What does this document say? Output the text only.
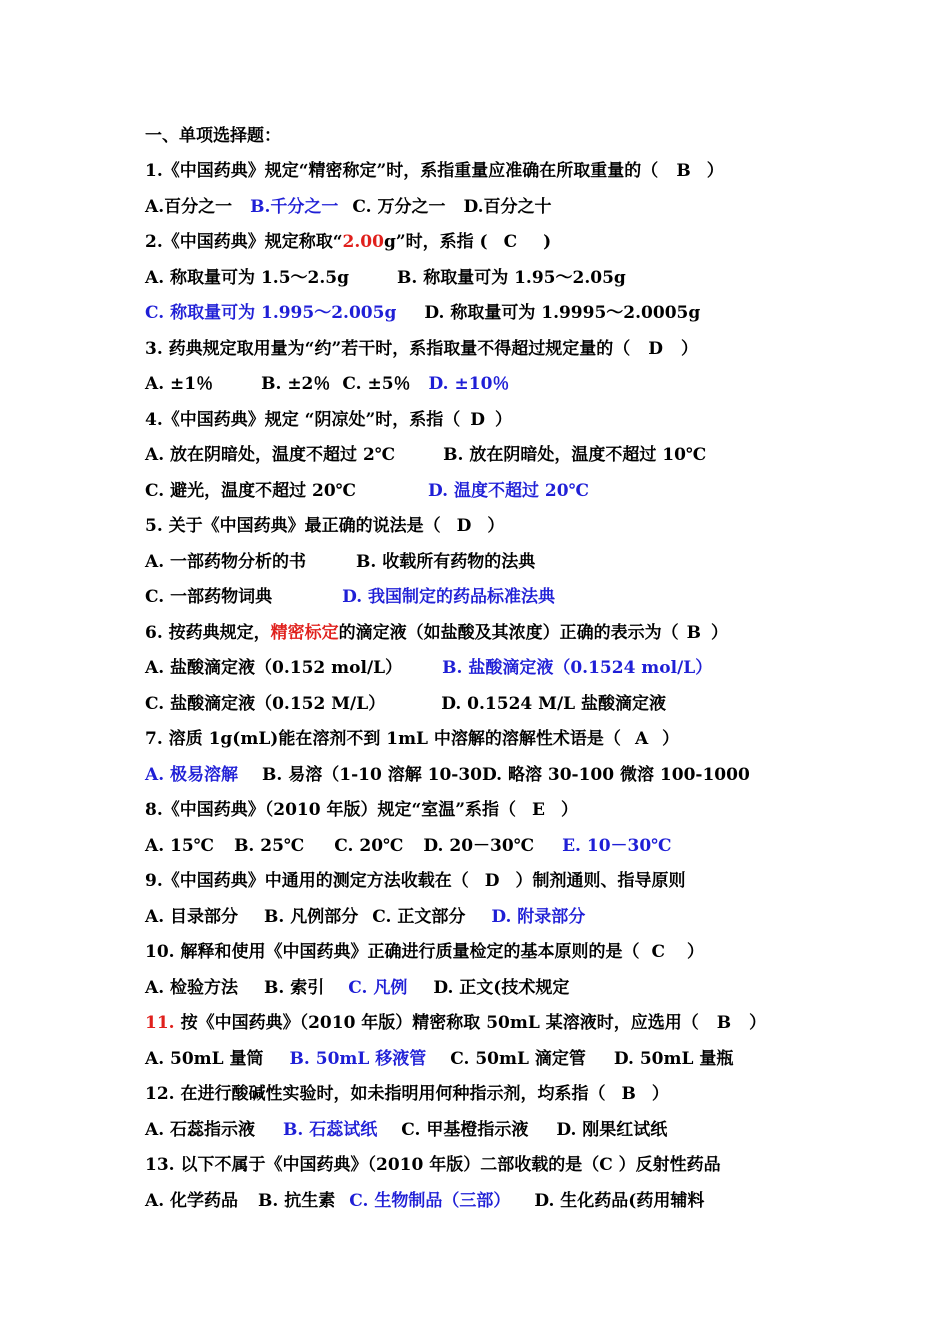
一、单项选择题：
1.《中国药典》规定“精密称定”时，系指重量应准确在所取重量的（ B ）
A.百分之一 B.千分之一 C. 万分之一 D.百分之十
2.《中国药典》规定称取“2.00g”时，系指 ( C )
A. 称取量可为 1.5～2.5g	B. 称取量可为 1.95～2.05g
C. 称取量可为 1.995～2.005g D. 称取量可为 1.9995～2.0005g
3. 药典规定取用量为“约”若干时，系指取量不得超过规定量的（ D ）
A. ±1％	B. ±2％ C. ±5％ D. ±10％
4.《中国药典》规定 “阴凉处”时，系指（ D ）
A. 放在阴暗处，温度不超过 2℃	B. 放在阴暗处，温度不超过 10℃
C. 避光，温度不超过 20℃	D. 温度不超过 20℃
5. 关于《中国药典》最正确的说法是（ D ）
A. 一部药物分析的书	B. 收载所有药物的法典
C. 一部药物词典	D. 我国制定的药品标准法典
6. 按药典规定，精密标定的滴定液（如盐酸及其浓度）正确的表示为（ B ）
A. 盐酸滴定液（0.152 mol/L） B. 盐酸滴定液（0.1524 mol/L）
C. 盐酸滴定液（0.152 M/L）	D. 0.1524 M/L 盐酸滴定液
7. 溶质 1g(mL)能在溶剂不到 1mL 中溶解的溶解性术语是（ A ）
A. 极易溶解 B. 易溶（1-10 溶解 10-30D. 略溶 30-100 微溶 100-1000
8.《中国药典》（2010 年版）规定“室温”系指（ E ）
A. 15℃ B. 25℃ C. 20℃ D. 20－30℃ E. 10－30℃
9.《中国药典》中通用的测定方法收载在（ D ）制剂通则、指导原则
A. 目录部分 B. 凡例部分 C. 正文部分 D. 附录部分
10. 解释和使用《中国药典》正确进行质量检定的基本原则的是（ C ）
A. 检验方法 B. 索引 C. 凡例 D. 正文(技术规定
11. 按《中国药典》（2010 年版）精密称取 50mL 某溶液时，应选用（ B ）
A. 50mL 量筒 B. 50mL 移液管 C. 50mL 滴定管 D. 50mL 量瓶
12. 在进行酸碱性实验时，如未指明用何种指示剂，均系指（ B ）
A. 石蕊指示液 B. 石蕊试纸 C. 甲基橙指示液 D. 刚果红试纸
13. 以下不属于《中国药典》（2010 年版）二部收载的是（C ）反射性药品
A. 化学药品 B. 抗生素 C. 生物制品（三部） D. 生化药品(药用辅料
